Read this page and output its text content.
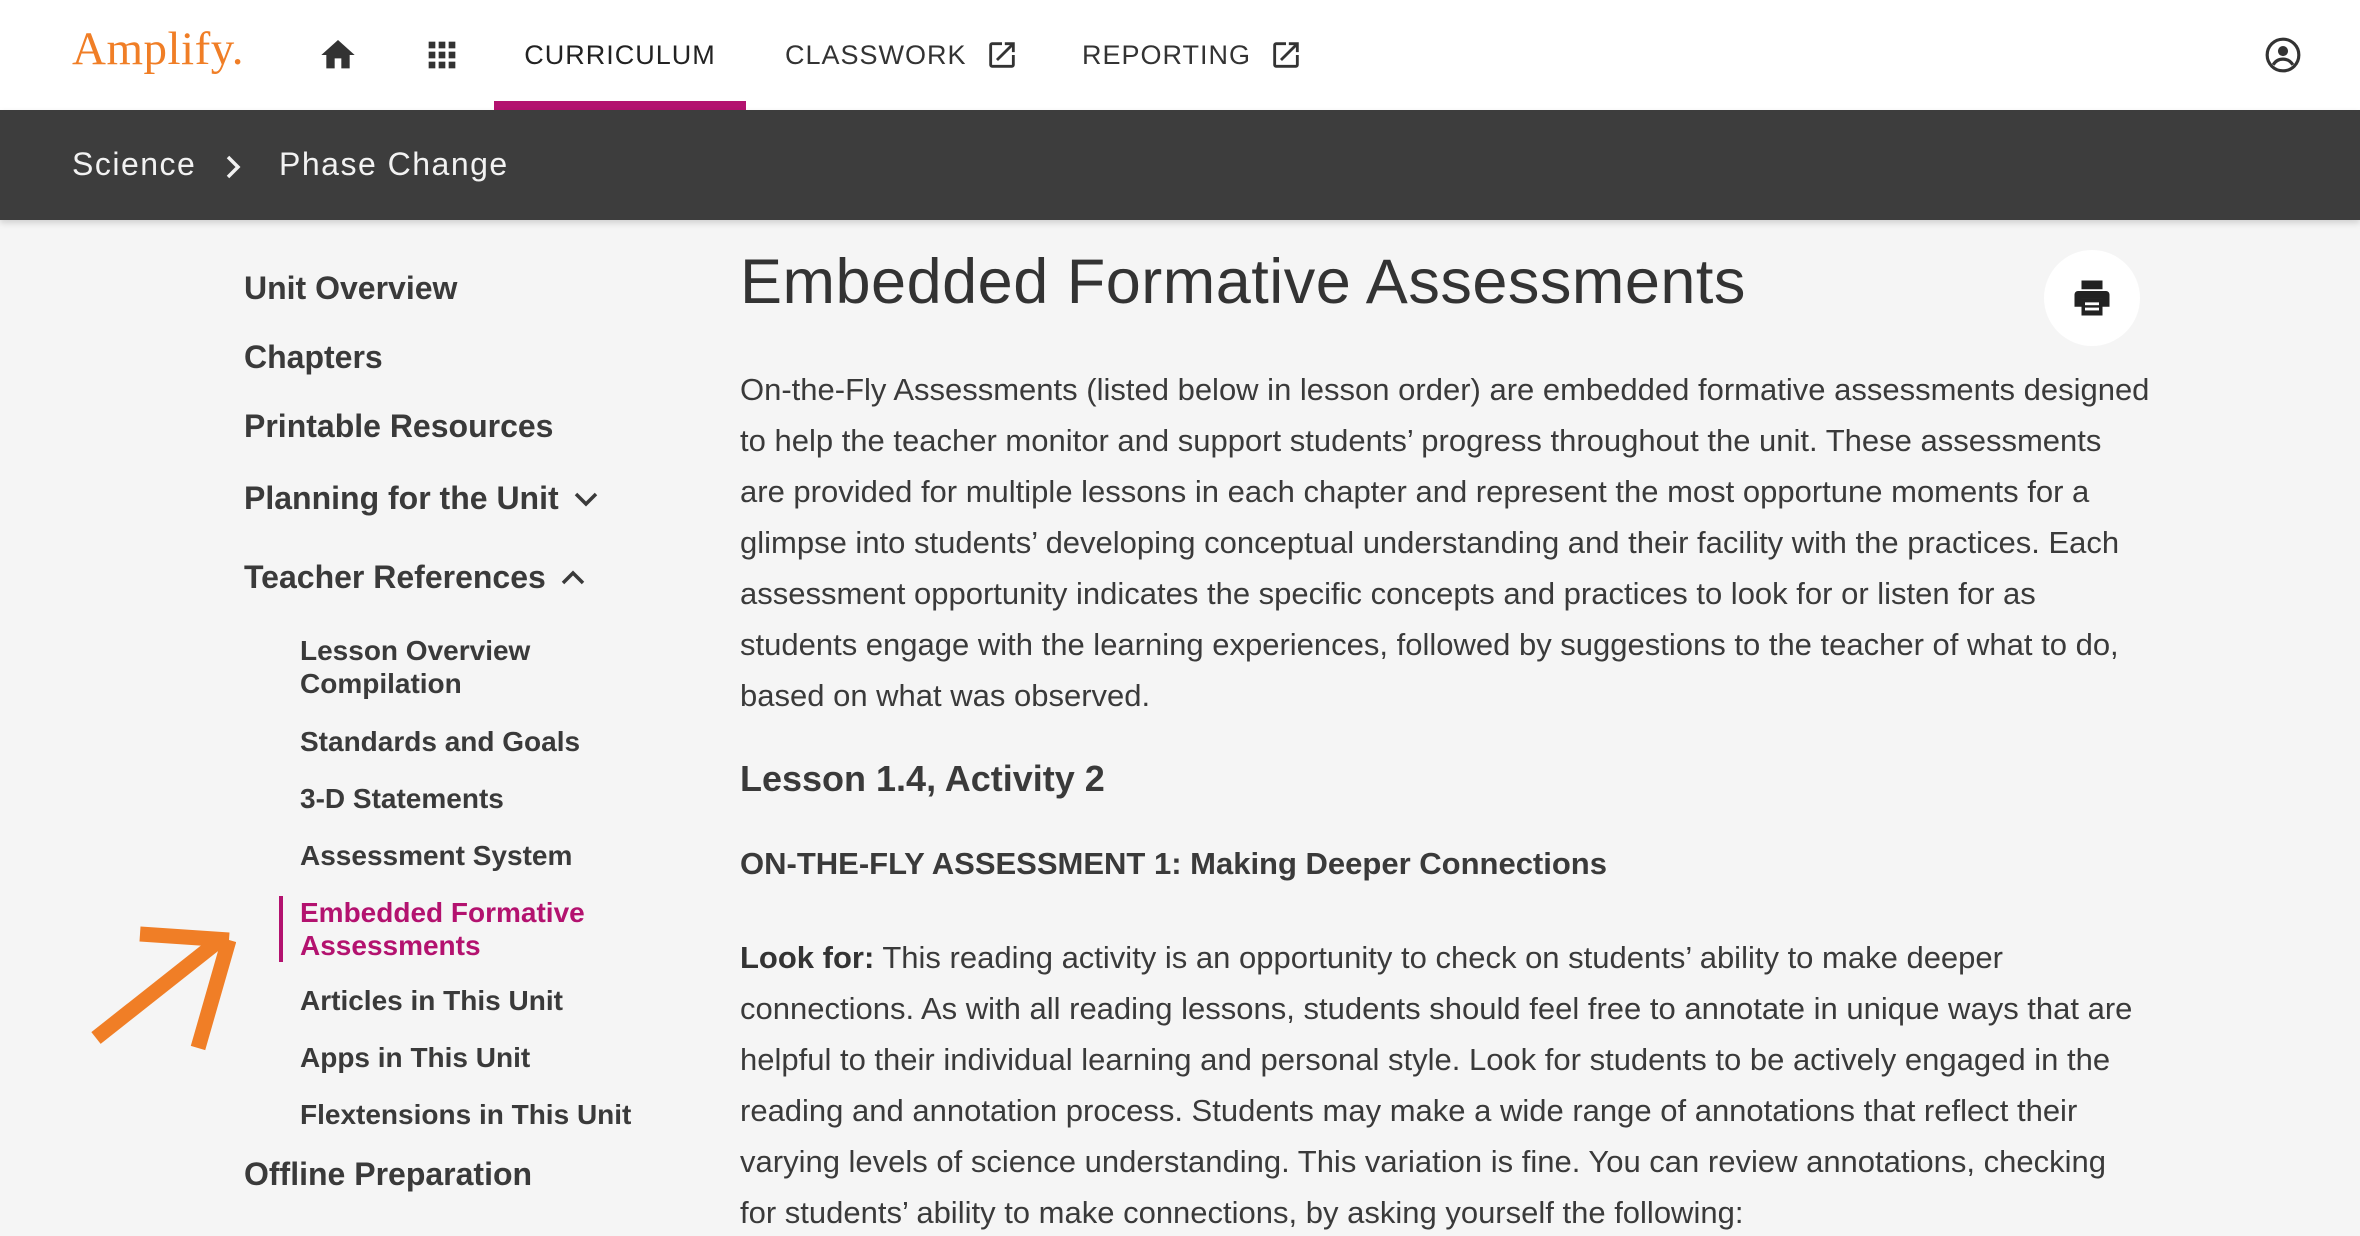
Amplify.	CURRICULUM	CLASSWORK	REPORTING
Science	Phase Change
Unit Overview
Chapters
Printable Resources
Planning for the Unit
Teacher References
Lesson Overview Compilation
Standards and Goals
3-D Statements
Assessment System
Embedded Formative Assessments
Articles in This Unit
Apps in This Unit
Flextensions in This Unit
Offline Preparation
Embedded Formative Assessments

On-the-Fly Assessments (listed below in lesson order) are embedded formative assessments designed to help the teacher monitor and support students’ progress throughout the unit. These assessments are provided for multiple lessons in each chapter and represent the most opportune moments for a glimpse into students’ developing conceptual understanding and their facility with the practices. Each assessment opportunity indicates the specific concepts and practices to look for or listen for as students engage with the learning experiences, followed by suggestions to the teacher of what to do, based on what was observed.

Lesson 1.4, Activity 2
ON-THE-FLY ASSESSMENT 1: Making Deeper Connections

Look for: This reading activity is an opportunity to check on students’ ability to make deeper connections. As with all reading lessons, students should feel free to annotate in unique ways that are helpful to their individual learning and personal style. Look for students to be actively engaged in the reading and annotation process. Students may make a wide range of annotations that reflect their varying levels of science understanding. This variation is fine. You can review annotations, checking for students’ ability to make connections, by asking yourself the following:
